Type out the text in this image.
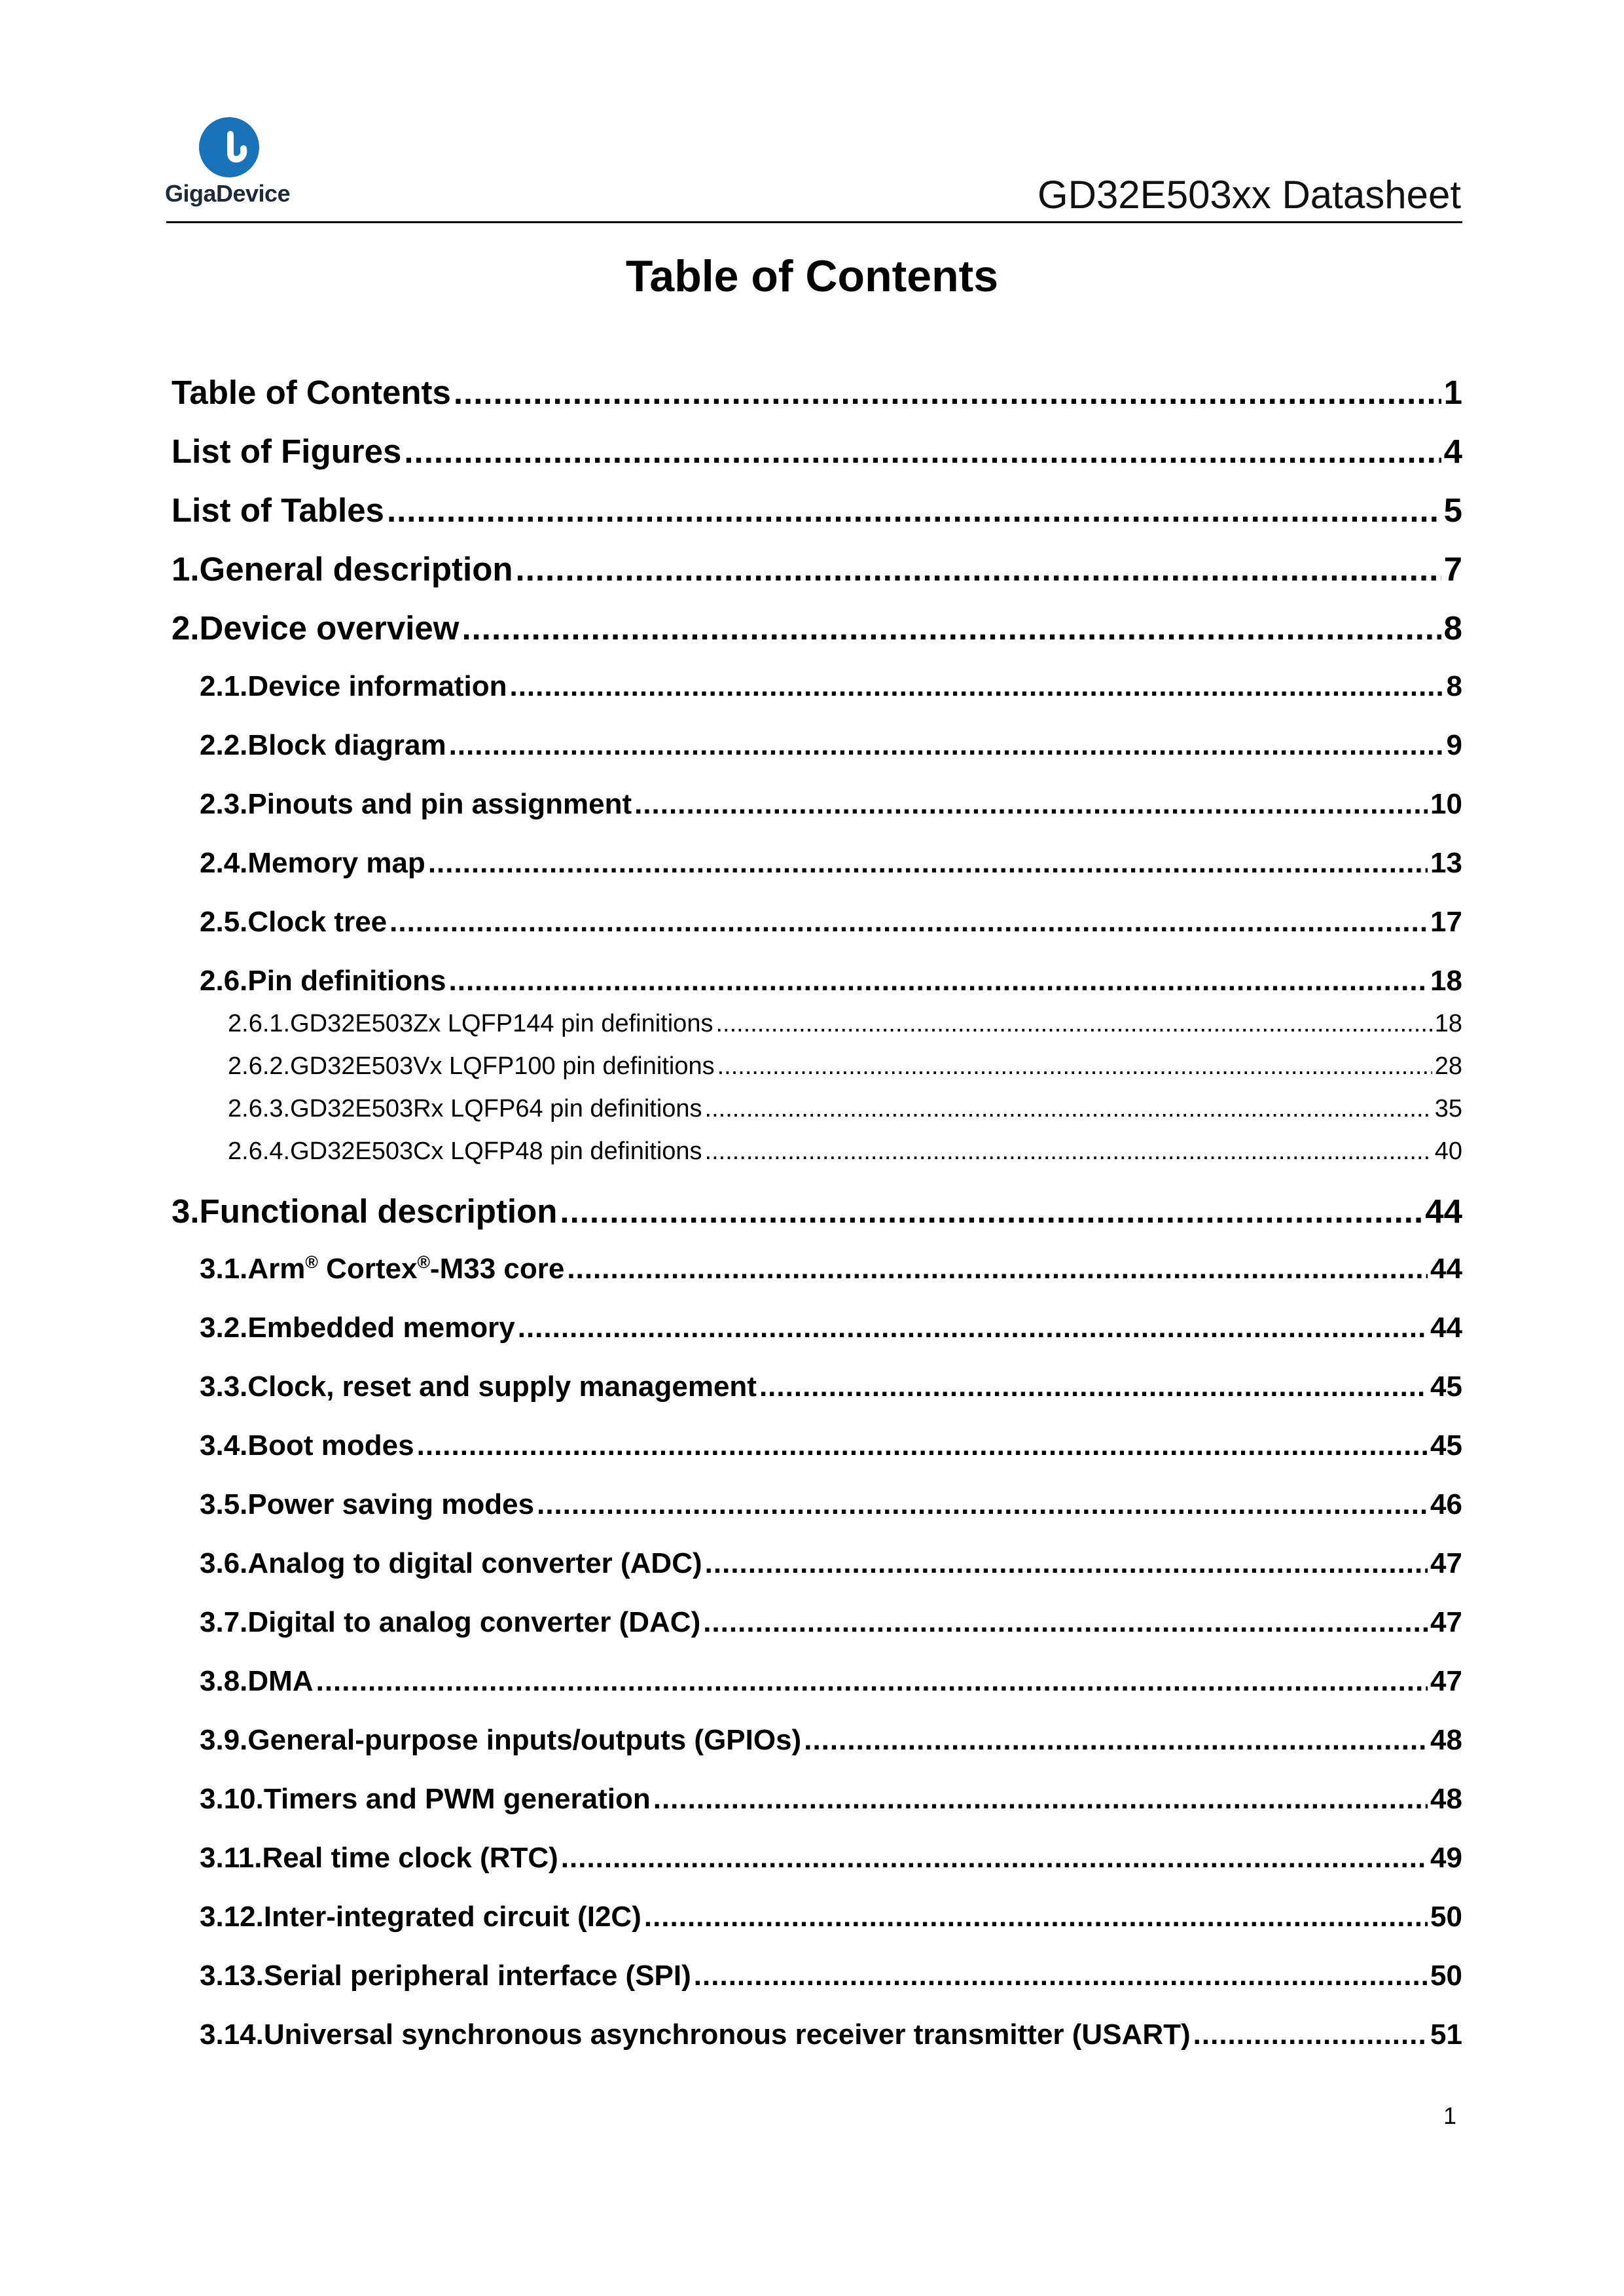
GigaDevice	GD32E503xx Datasheet
Table of Contents
Table of Contents .....	1
List of Figures .....	4
List of Tables .....	5
1. General description .....	7
2. Device overview .....	8
2.1. Device information .....	8
2.2. Block diagram .....	9
2.3. Pinouts and pin assignment .....	10
2.4. Memory map .....	13
2.5. Clock tree .....	17
2.6. Pin definitions .....	18
2.6.1. GD32E503Zx LQFP144 pin definitions .....	18
2.6.2. GD32E503Vx LQFP100 pin definitions .....	28
2.6.3. GD32E503Rx LQFP64 pin definitions .....	35
2.6.4. GD32E503Cx LQFP48 pin definitions .....	40
3. Functional description .....	44
3.1. Arm® Cortex®-M33 core .....	44
3.2. Embedded memory .....	44
3.3. Clock, reset and supply management .....	45
3.4. Boot modes .....	45
3.5. Power saving modes .....	46
3.6. Analog to digital converter (ADC) .....	47
3.7. Digital to analog converter (DAC) .....	47
3.8. DMA .....	47
3.9. General-purpose inputs/outputs (GPIOs) .....	48
3.10. Timers and PWM generation .....	48
3.11. Real time clock (RTC) .....	49
3.12. Inter-integrated circuit (I2C) .....	50
3.13. Serial peripheral interface (SPI) .....	50
3.14. Universal synchronous asynchronous receiver transmitter (USART) .....	51
1
